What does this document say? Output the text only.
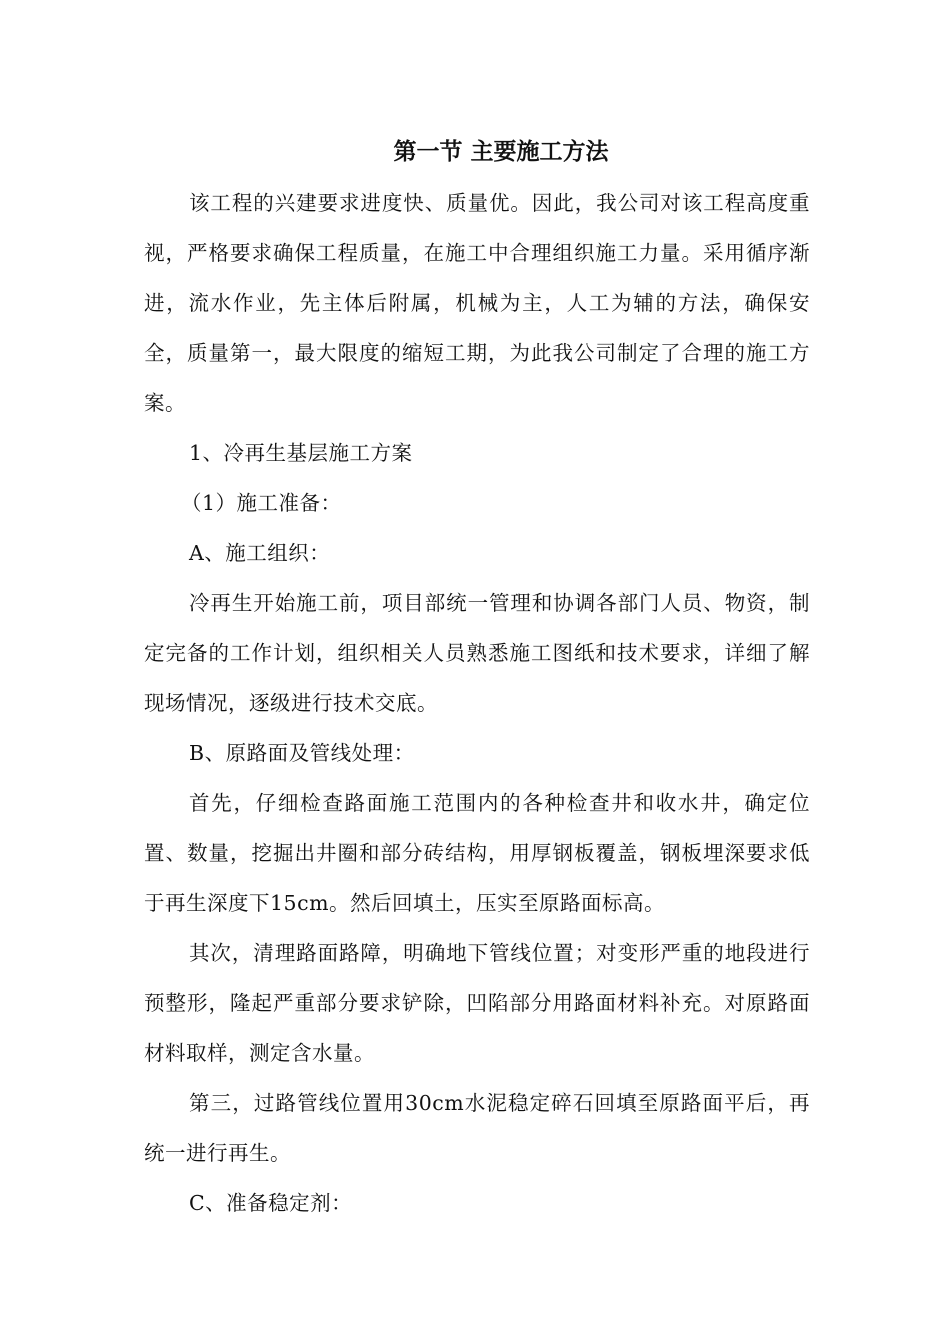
第一节 主要施工方法

该工程的兴建要求进度快、质量优。因此，我公司对该工程高度重视，严格要求确保工程质量，在施工中合理组织施工力量。采用循序渐进，流水作业，先主体后附属，机械为主，人工为辅的方法，确保安全，质量第一，最大限度的缩短工期，为此我公司制定了合理的施工方案。

1、冷再生基层施工方案

（1）施工准备：

A、施工组织：

冷再生开始施工前，项目部统一管理和协调各部门人员、物资，制定完备的工作计划，组织相关人员熟悉施工图纸和技术要求，详细了解现场情况，逐级进行技术交底。

B、原路面及管线处理：

首先，仔细检查路面施工范围内的各种检查井和收水井，确定位置、数量，挖掘出井圈和部分砖结构，用厚钢板覆盖，钢板埋深要求低于再生深度下15cm。然后回填土，压实至原路面标高。

其次，清理路面路障，明确地下管线位置；对变形严重的地段进行预整形，隆起严重部分要求铲除，凹陷部分用路面材料补充。对原路面材料取样，测定含水量。

第三，过路管线位置用30cm水泥稳定碎石回填至原路面平后，再统一进行再生。

C、准备稳定剂：
